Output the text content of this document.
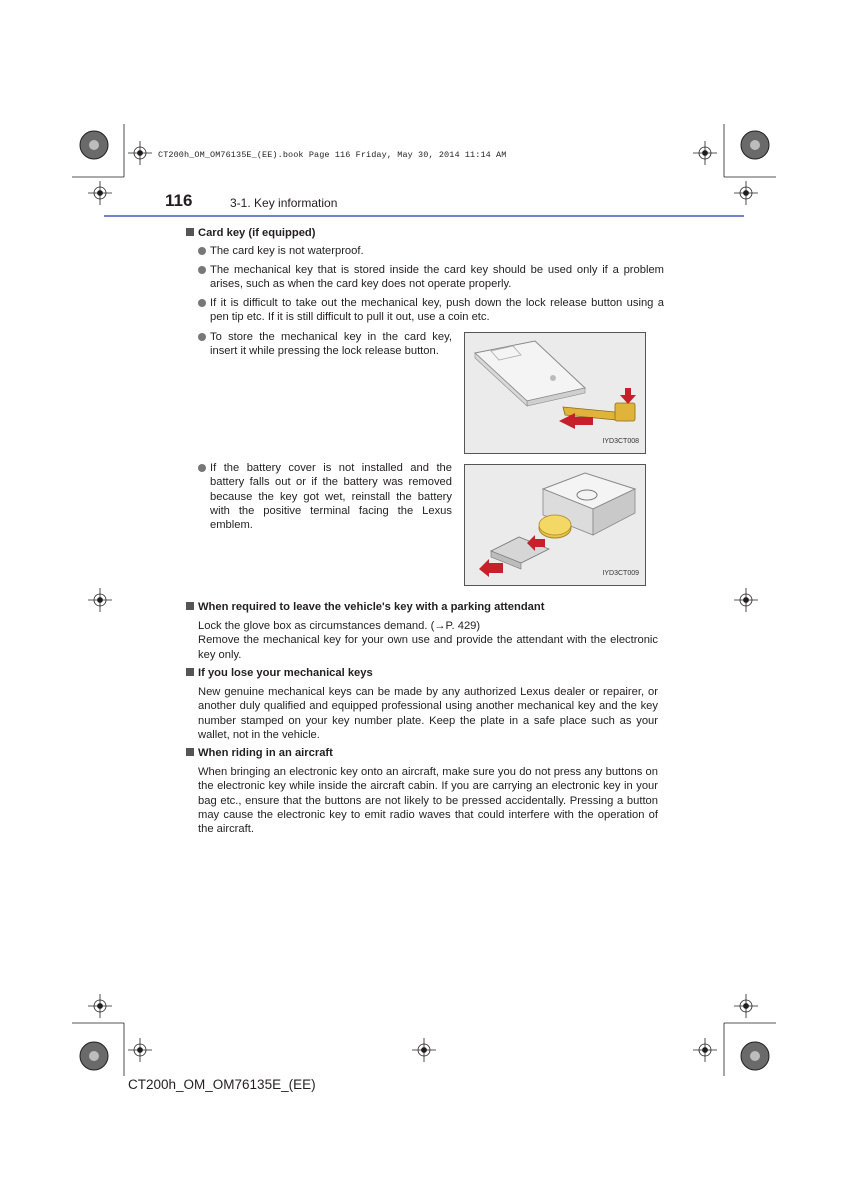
CT200h_OM_OM76135E_(EE).book Page 116 Friday, May 30, 2014 11:14 AM
116	3-1. Key information
Card key (if equipped)
The card key is not waterproof.
The mechanical key that is stored inside the card key should be used only if a problem arises, such as when the card key does not operate properly.
If it is difficult to take out the mechanical key, push down the lock release button using a pen tip etc. If it is still difficult to pull it out, use a coin etc.
To store the mechanical key in the card key, insert it while pressing the lock release button.
If the battery cover is not installed and the battery falls out or if the battery was removed because the key got wet, reinstall the battery with the positive terminal facing the Lexus emblem.
IYD3CT008
IYD3CT009
When required to leave the vehicle's key with a parking attendant
Lock the glove box as circumstances demand. (→P. 429)
Remove the mechanical key for your own use and provide the attendant with the electronic key only.
If you lose your mechanical keys
New genuine mechanical keys can be made by any authorized Lexus dealer or repairer, or another duly qualified and equipped professional using another mechanical key and the key number stamped on your key number plate. Keep the plate in a safe place such as your wallet, not in the vehicle.
When riding in an aircraft
When bringing an electronic key onto an aircraft, make sure you do not press any buttons on the electronic key while inside the aircraft cabin. If you are carrying an electronic key in your bag etc., ensure that the buttons are not likely to be pressed accidentally. Pressing a button may cause the electronic key to emit radio waves that could interfere with the operation of the aircraft.
CT200h_OM_OM76135E_(EE)
